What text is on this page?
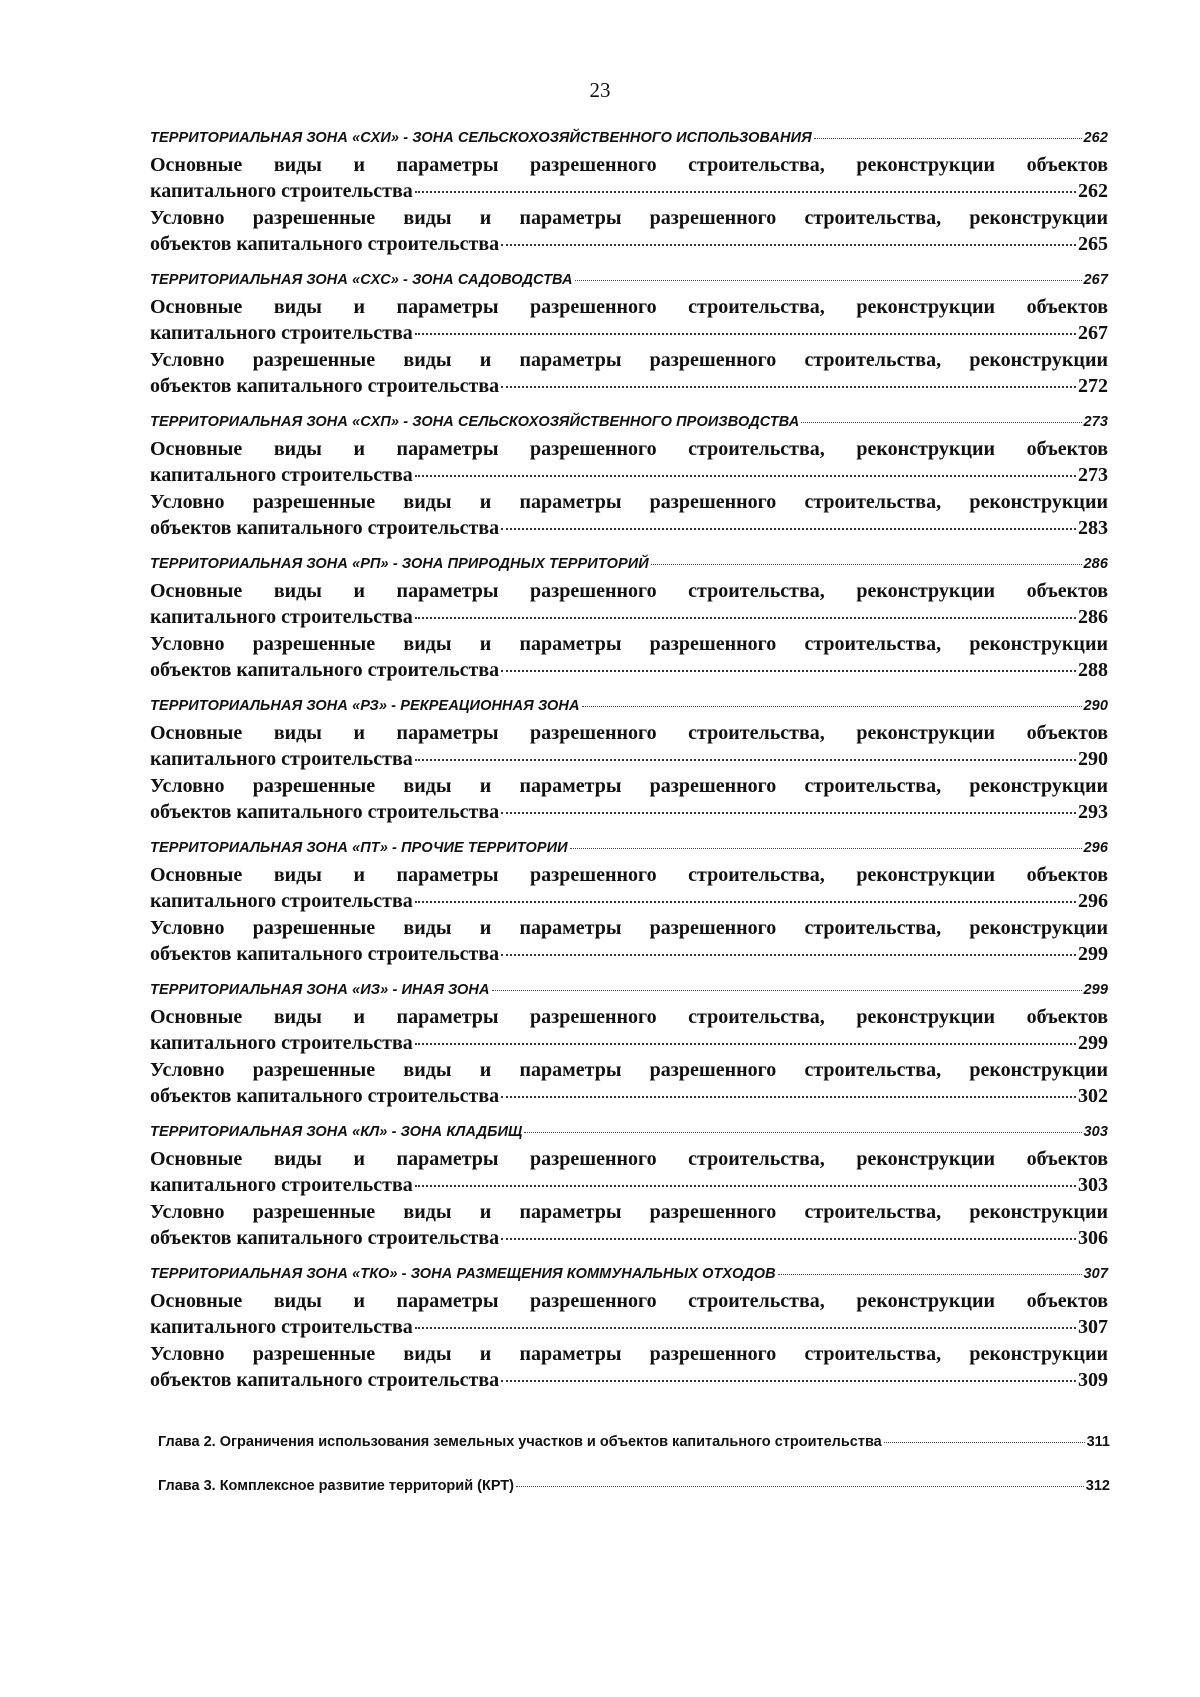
23
ТЕРРИТОРИАЛЬНАЯ ЗОНА «СХИ» - ЗОНА СЕЛЬСКОХОЗЯЙСТВЕННОГО ИСПОЛЬЗОВАНИЯ	262
Основные виды и параметры разрешенного строительства, реконструкции объектов
капитального строительства	262
Условно разрешенные виды и параметры разрешенного строительства, реконструкции
объектов капитального строительства	265
ТЕРРИТОРИАЛЬНАЯ ЗОНА «СХС» - ЗОНА САДОВОДСТВА	267
Основные виды и параметры разрешенного строительства, реконструкции объектов
капитального строительства	267
Условно разрешенные виды и параметры разрешенного строительства, реконструкции
объектов капитального строительства	272
ТЕРРИТОРИАЛЬНАЯ ЗОНА «СХП» - ЗОНА СЕЛЬСКОХОЗЯЙСТВЕННОГО ПРОИЗВОДСТВА	273
Основные виды и параметры разрешенного строительства, реконструкции объектов
капитального строительства	273
Условно разрешенные виды и параметры разрешенного строительства, реконструкции
объектов капитального строительства	283
ТЕРРИТОРИАЛЬНАЯ ЗОНА «РП» - ЗОНА ПРИРОДНЫХ ТЕРРИТОРИЙ	286
Основные виды и параметры разрешенного строительства, реконструкции объектов
капитального строительства	286
Условно разрешенные виды и параметры разрешенного строительства, реконструкции
объектов капитального строительства	288
ТЕРРИТОРИАЛЬНАЯ ЗОНА «РЗ» - РЕКРЕАЦИОННАЯ ЗОНА	290
Основные виды и параметры разрешенного строительства, реконструкции объектов
капитального строительства	290
Условно разрешенные виды и параметры разрешенного строительства, реконструкции
объектов капитального строительства	293
ТЕРРИТОРИАЛЬНАЯ ЗОНА «ПТ» - ПРОЧИЕ ТЕРРИТОРИИ	296
Основные виды и параметры разрешенного строительства, реконструкции объектов
капитального строительства	296
Условно разрешенные виды и параметры разрешенного строительства, реконструкции
объектов капитального строительства	299
ТЕРРИТОРИАЛЬНАЯ ЗОНА «ИЗ» - ИНАЯ ЗОНА	299
Основные виды и параметры разрешенного строительства, реконструкции объектов
капитального строительства	299
Условно разрешенные виды и параметры разрешенного строительства, реконструкции
объектов капитального строительства	302
ТЕРРИТОРИАЛЬНАЯ ЗОНА «КЛ» - ЗОНА КЛАДБИЩ	303
Основные виды и параметры разрешенного строительства, реконструкции объектов
капитального строительства	303
Условно разрешенные виды и параметры разрешенного строительства, реконструкции
объектов капитального строительства	306
ТЕРРИТОРИАЛЬНАЯ ЗОНА «ТКО» - ЗОНА РАЗМЕЩЕНИЯ КОММУНАЛЬНЫХ ОТХОДОВ	307
Основные виды и параметры разрешенного строительства, реконструкции объектов
капитального строительства	307
Условно разрешенные виды и параметры разрешенного строительства, реконструкции
объектов капитального строительства	309
Глава 2. Ограничения использования земельных участков и объектов капитального строительства	311
Глава 3. Комплексное развитие территорий (КРТ)	312
